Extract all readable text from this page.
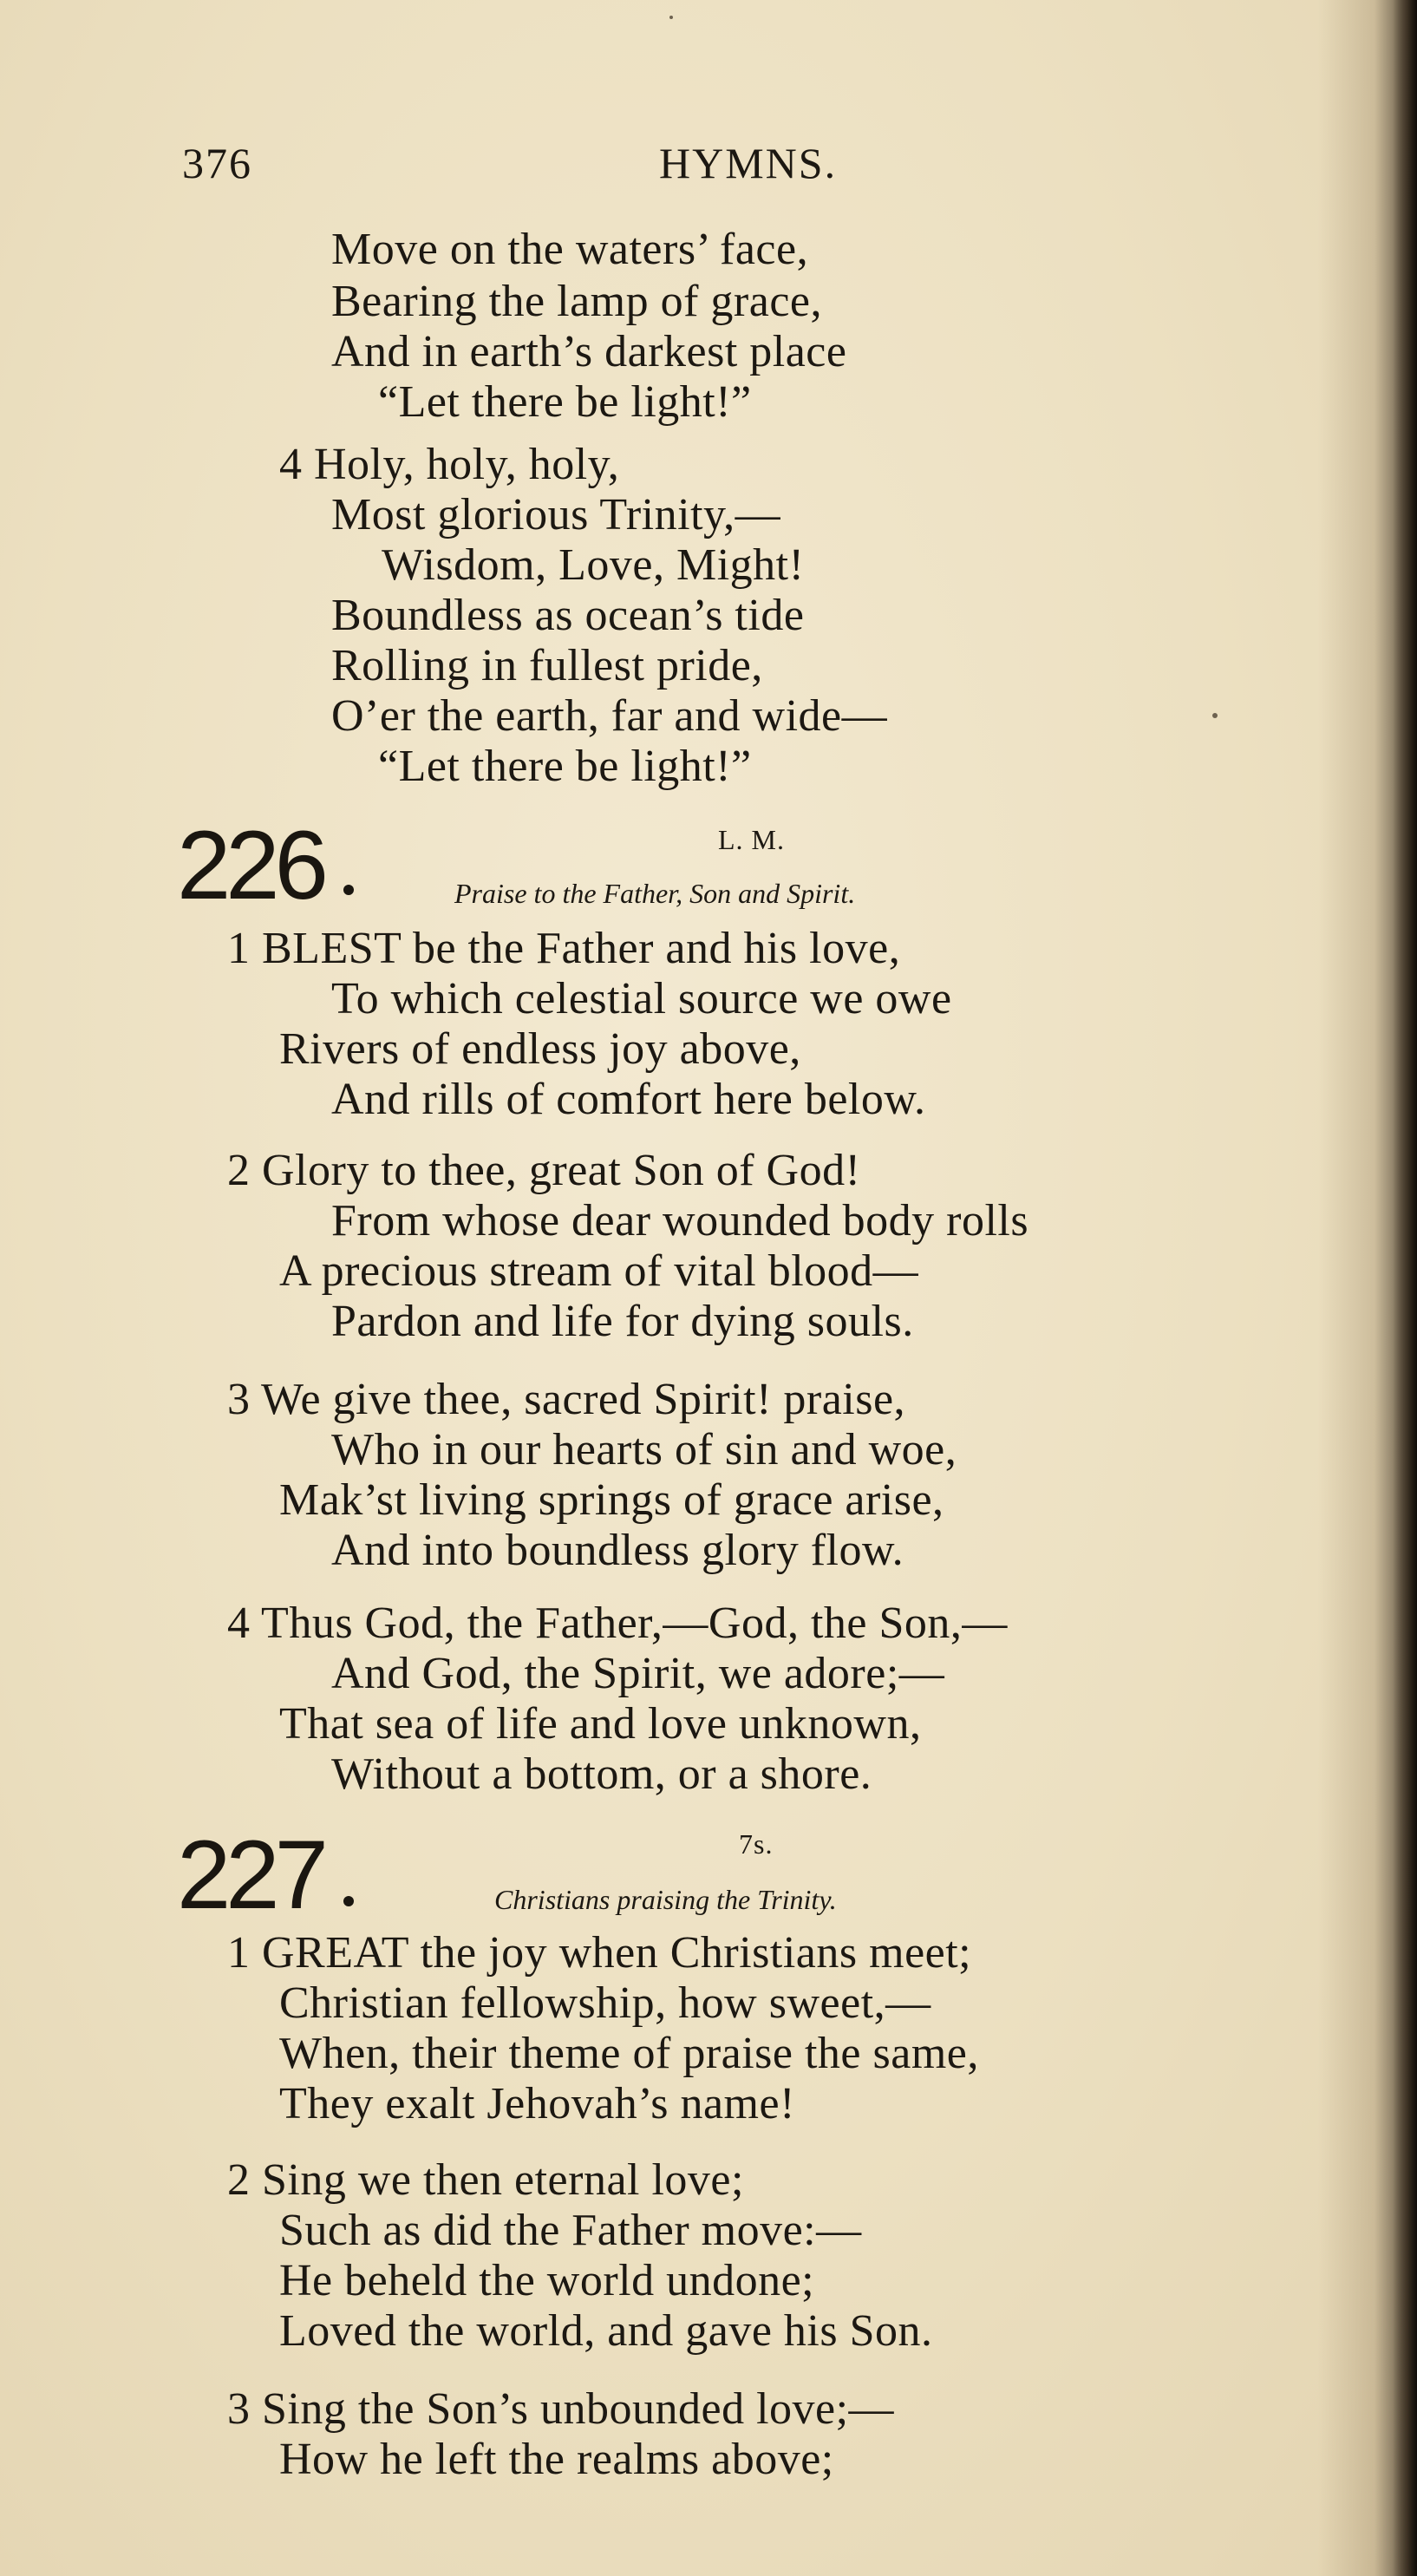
376	HYMNS.
Move on the waters’ face,
Bearing the lamp of grace,
And in earth’s darkest place
“Let there be light!”
4 Holy, holy, holy,
Most glorious Trinity,—
Wisdom, Love, Might!
Boundless as ocean’s tide
Rolling in fullest pride,
O’er the earth, far and wide—
“Let there be light!”
226	L. M.
Praise to the Father, Son and Spirit.
1 BLEST be the Father and his love,
To which celestial source we owe
Rivers of endless joy above,
And rills of comfort here below.
2 Glory to thee, great Son of God!
From whose dear wounded body rolls
A precious stream of vital blood—
Pardon and life for dying souls.
3 We give thee, sacred Spirit! praise,
Who in our hearts of sin and woe,
Mak’st living springs of grace arise,
And into boundless glory flow.
4 Thus God, the Father,—God, the Son,—
And God, the Spirit, we adore;—
That sea of life and love unknown,
Without a bottom, or a shore.
227	7s.
Christians praising the Trinity.
1 GREAT the joy when Christians meet;
Christian fellowship, how sweet,—
When, their theme of praise the same,
They exalt Jehovah’s name!
2 Sing we then eternal love;
Such as did the Father move:—
He beheld the world undone;
Loved the world, and gave his Son.
3 Sing the Son’s unbounded love;—
How he left the realms above;
